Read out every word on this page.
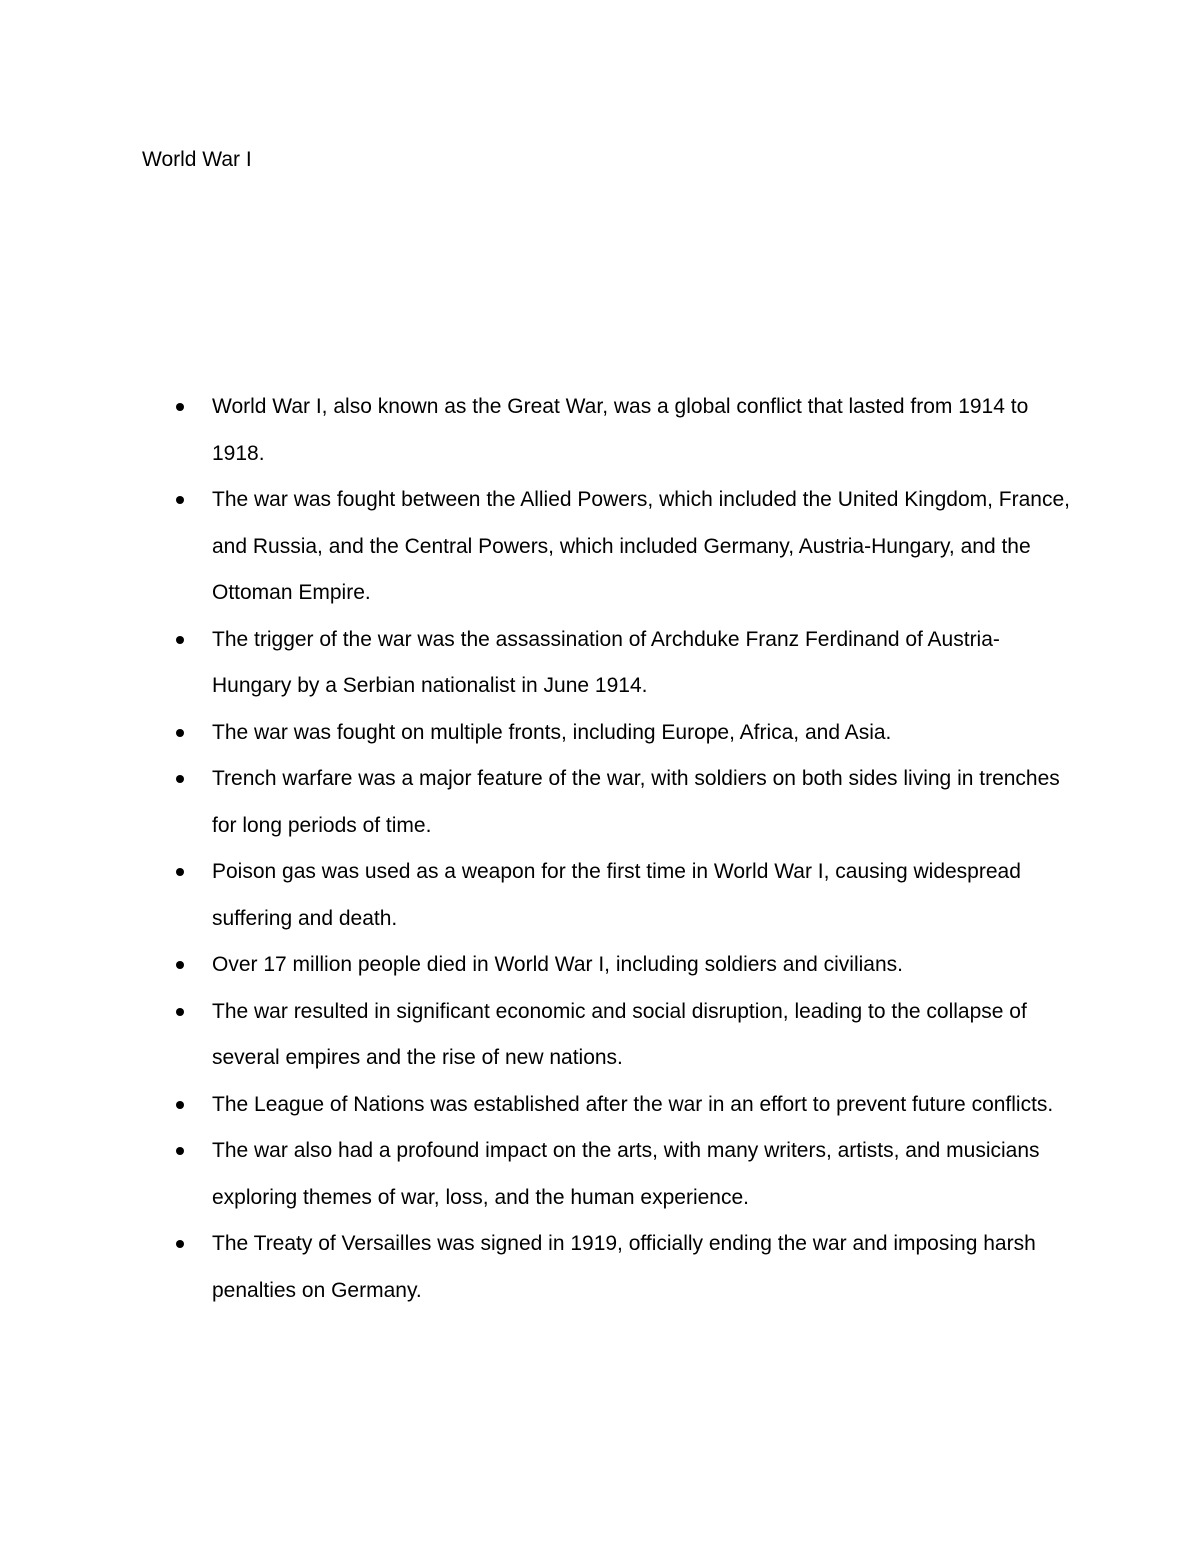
World War I
World War I, also known as the Great War, was a global conflict that lasted from 1914 to 1918.
The war was fought between the Allied Powers, which included the United Kingdom, France, and Russia, and the Central Powers, which included Germany, Austria-Hungary, and the Ottoman Empire.
The trigger of the war was the assassination of Archduke Franz Ferdinand of Austria-Hungary by a Serbian nationalist in June 1914.
The war was fought on multiple fronts, including Europe, Africa, and Asia.
Trench warfare was a major feature of the war, with soldiers on both sides living in trenches for long periods of time.
Poison gas was used as a weapon for the first time in World War I, causing widespread suffering and death.
Over 17 million people died in World War I, including soldiers and civilians.
The war resulted in significant economic and social disruption, leading to the collapse of several empires and the rise of new nations.
The League of Nations was established after the war in an effort to prevent future conflicts.
The war also had a profound impact on the arts, with many writers, artists, and musicians exploring themes of war, loss, and the human experience.
The Treaty of Versailles was signed in 1919, officially ending the war and imposing harsh penalties on Germany.
